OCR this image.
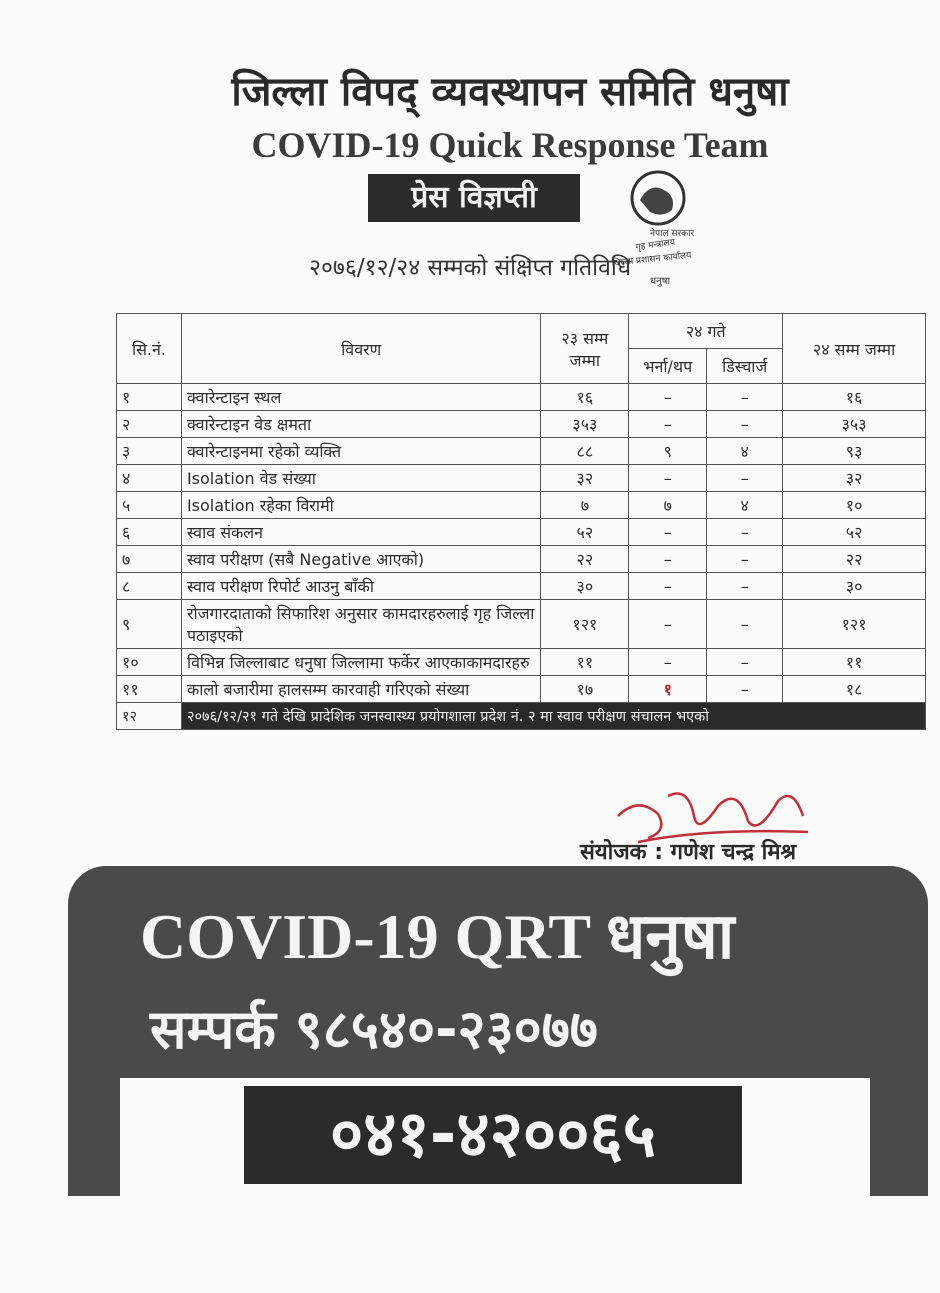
जिल्ला विपद् व्यवस्थापन समिति धनुषा
COVID-19 Quick Response Team
प्रेस विज्ञप्ती
नेपाल सरकार
गृह मन्त्रालय
जिल्ला प्रशासन कार्यालय
धनुषा
२०७६/१२/२४ सम्मको संक्षिप्त गतिविधि
सि.नं.	विवरण	२३ सम्म जम्मा	२४ गते		२४ सम्म जम्मा
			भर्ना/थप	डिस्चार्ज	
१	क्वारेन्टाइन स्थल	१६	–	–	१६
२	क्वारेन्टाइन वेड क्षमता	३५३	–	–	३५३
३	क्वारेन्टाइनमा रहेको व्यक्ति	८८	९	४	९३
४	Isolation वेड संख्या	३२	–	–	३२
५	Isolation रहेका विरामी	७	७	४	१०
६	स्वाव संकलन	५२	–	–	५२
७	स्वाव परीक्षण (सबै Negative आएको)	२२	–	–	२२
८	स्वाव परीक्षण रिपोर्ट आउनु बाँकी	३०	–	–	३०
९	रोजगारदाताको सिफारिश अनुसार कामदारहरुलाई गृह जिल्ला पठाइएको	१२१	–	–	१२१
१०	विभिन्न जिल्लाबाट धनुषा जिल्लामा फर्केर आएकाकामदारहरु	११	–	–	११
११	कालो बजारीमा हालसम्म कारवाही गरिएको संख्या	१७	१	–	१८
१२	२०७६/१२/२१ गते देखि प्रादेशिक जनस्वास्थ्य प्रयोगशाला प्रदेश नं. २ मा स्वाव परीक्षण संचालन भएको				
संयोजक : गणेश चन्द्र मिश्र
COVID-19 QRT धनुषा
सम्पर्क ९८५४०-२३०७७
०४१-४२००६५
